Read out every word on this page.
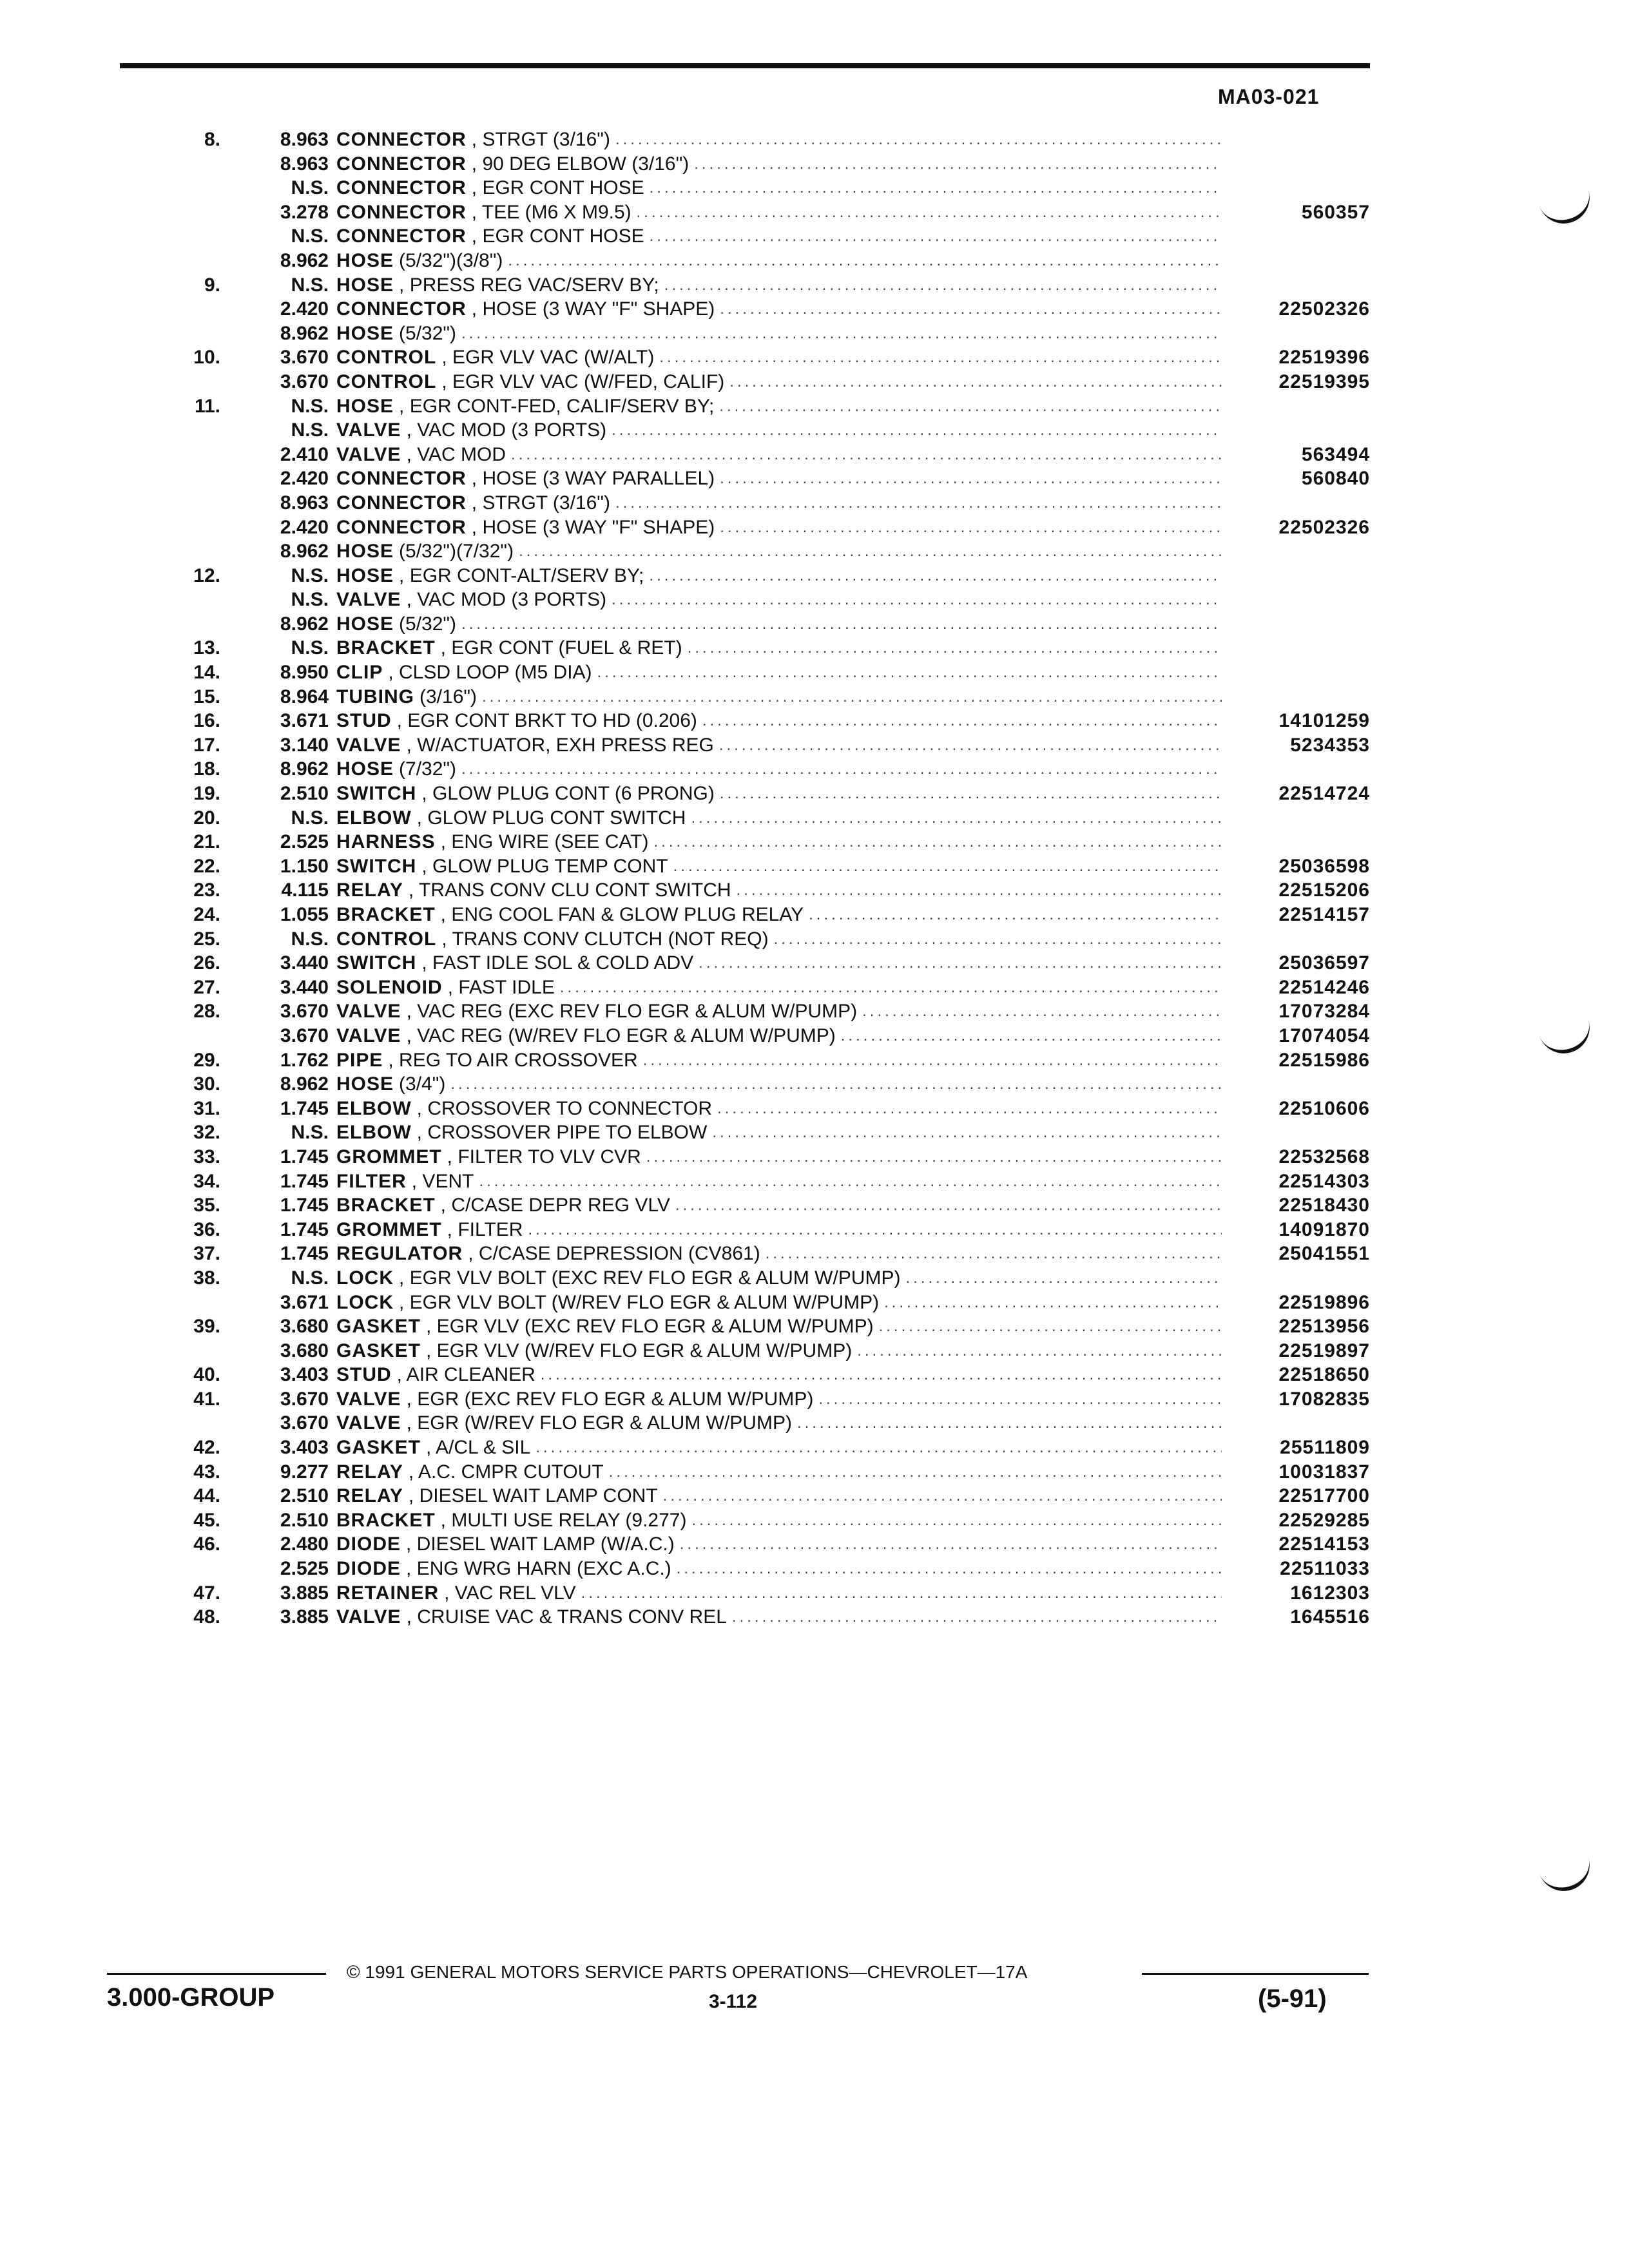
MA03-021
8.	8.963 CONNECTOR , STRGT (3/16")
.....
8.963 CONNECTOR , 90 DEG ELBOW (3/16")
.....
N.S. CONNECTOR , EGR CONT HOSE
.....
3.278 CONNECTOR , TEE (M6 X M9.5) .....	560357
N.S. CONNECTOR , EGR CONT HOSE
.....
8.962 HOSE (5/32")(3/8")
.....
9.	N.S. HOSE , PRESS REG VAC/SERV BY;
.....
2.420 CONNECTOR , HOSE (3 WAY "F" SHAPE) .....	22502326
8.962 HOSE (5/32")
.....
10.	3.670 CONTROL , EGR VLV VAC (W/ALT) .....	22519396
3.670 CONTROL , EGR VLV VAC (W/FED, CALIF) .....	22519395
11.	N.S. HOSE , EGR CONT-FED, CALIF/SERV BY;
.....
N.S. VALVE , VAC MOD (3 PORTS)
.....
2.410 VALVE , VAC MOD .....	563494
2.420 CONNECTOR , HOSE (3 WAY PARALLEL) .....	560840
8.963 CONNECTOR , STRGT (3/16")
.....
2.420 CONNECTOR , HOSE (3 WAY "F" SHAPE) .....	22502326
8.962 HOSE (5/32")(7/32")
.....
12.	N.S. HOSE , EGR CONT-ALT/SERV BY;
.....
N.S. VALVE , VAC MOD (3 PORTS)
.....
8.962 HOSE (5/32")
.....
13.	N.S. BRACKET , EGR CONT (FUEL & RET)
.....
14.	8.950 CLIP , CLSD LOOP (M5 DIA)
.....
15.	8.964 TUBING (3/16")
.....
16.	3.671 STUD , EGR CONT BRKT TO HD (0.206) .....	14101259
17.	3.140 VALVE , W/ACTUATOR, EXH PRESS REG .....	5234353
18.	8.962 HOSE (7/32")
.....
19.	2.510 SWITCH , GLOW PLUG CONT (6 PRONG) .....	22514724
20.	N.S. ELBOW , GLOW PLUG CONT SWITCH
.....
21.	2.525 HARNESS , ENG WIRE (SEE CAT)
.....
22.	1.150 SWITCH , GLOW PLUG TEMP CONT .....	25036598
23.	4.115 RELAY , TRANS CONV CLU CONT SWITCH .....	22515206
24.	1.055 BRACKET , ENG COOL FAN & GLOW PLUG RELAY .....	22514157
25.	N.S. CONTROL , TRANS CONV CLUTCH (NOT REQ)
.....
26.	3.440 SWITCH , FAST IDLE SOL & COLD ADV .....	25036597
27.	3.440 SOLENOID , FAST IDLE .....	22514246
28.	3.670 VALVE , VAC REG (EXC REV FLO EGR & ALUM W/PUMP) .....	17073284
3.670 VALVE , VAC REG (W/REV FLO EGR & ALUM W/PUMP) .....	17074054
29.	1.762 PIPE , REG TO AIR CROSSOVER .....	22515986
30.	8.962 HOSE (3/4")
.....
31.	1.745 ELBOW , CROSSOVER TO CONNECTOR .....	22510606
32.	N.S. ELBOW , CROSSOVER PIPE TO ELBOW
.....
33.	1.745 GROMMET , FILTER TO VLV CVR .....	22532568
34.	1.745 FILTER , VENT .....	22514303
35.	1.745 BRACKET , C/CASE DEPR REG VLV .....	22518430
36.	1.745 GROMMET , FILTER .....	14091870
37.	1.745 REGULATOR , C/CASE DEPRESSION (CV861) .....	25041551
38.	N.S. LOCK , EGR VLV BOLT (EXC REV FLO EGR & ALUM W/PUMP)
.....
3.671 LOCK , EGR VLV BOLT (W/REV FLO EGR & ALUM W/PUMP) .....	22519896
39.	3.680 GASKET , EGR VLV (EXC REV FLO EGR & ALUM W/PUMP) .....	22513956
3.680 GASKET , EGR VLV (W/REV FLO EGR & ALUM W/PUMP) .....	22519897
40.	3.403 STUD , AIR CLEANER .....	22518650
41.	3.670 VALVE , EGR (EXC REV FLO EGR & ALUM W/PUMP) .....	17082835
3.670 VALVE , EGR (W/REV FLO EGR & ALUM W/PUMP)
.....
42.	3.403 GASKET , A/CL & SIL .....	25511809
43.	9.277 RELAY , A.C. CMPR CUTOUT .....	10031837
44.	2.510 RELAY , DIESEL WAIT LAMP CONT .....	22517700
45.	2.510 BRACKET , MULTI USE RELAY (9.277) .....	22529285
46.	2.480 DIODE , DIESEL WAIT LAMP (W/A.C.) .....	22514153
2.525 DIODE , ENG WRG HARN (EXC A.C.) .....	22511033
47.	3.885 RETAINER , VAC REL VLV .....	1612303
48.	3.885 VALVE , CRUISE VAC & TRANS CONV REL .....	1645516
© 1991 GENERAL MOTORS SERVICE PARTS OPERATIONS—CHEVROLET—17A
3.000-GROUP	3-112	(5-91)
